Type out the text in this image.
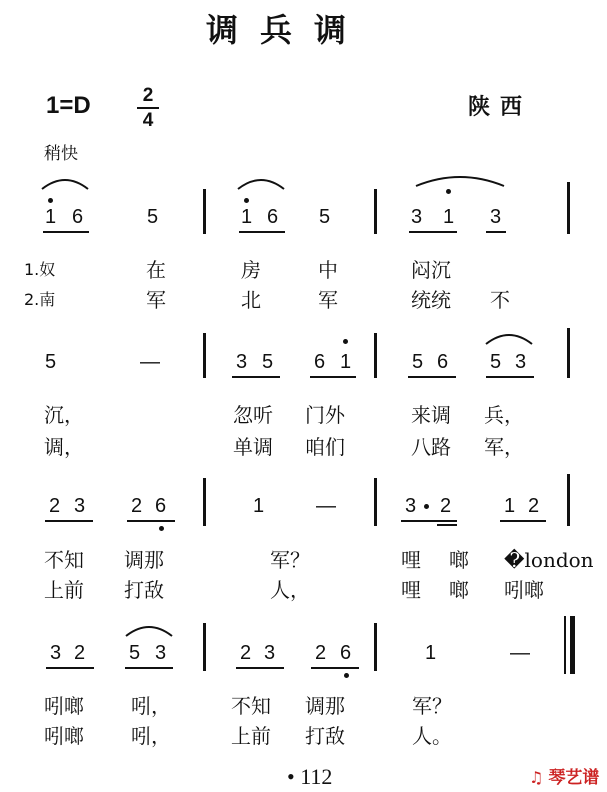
调兵调
1=D	2
4
陕西
稍快
1 6	5	1 6 5	3 1 3
1.奴	在	房	中	闷沉
2.南	军	北	军	统统 不
5	—	3 5 6 1	5 6 5 3
沉，	忽听 门外	来调 兵，
调，	单调 咱们	八路 军，
2 3 2 6	1	—	3 2	1 2
不知 调那	军？	哩 啷 �london
上前 打敌	人，	哩 啷 吲啷
3 2 5 3	2 3 2 6	1	—
吲啷 吲，	不知 调那	军？
吲啷 吲，	上前 打敌	人。
• 112	♫ 琴艺谱
